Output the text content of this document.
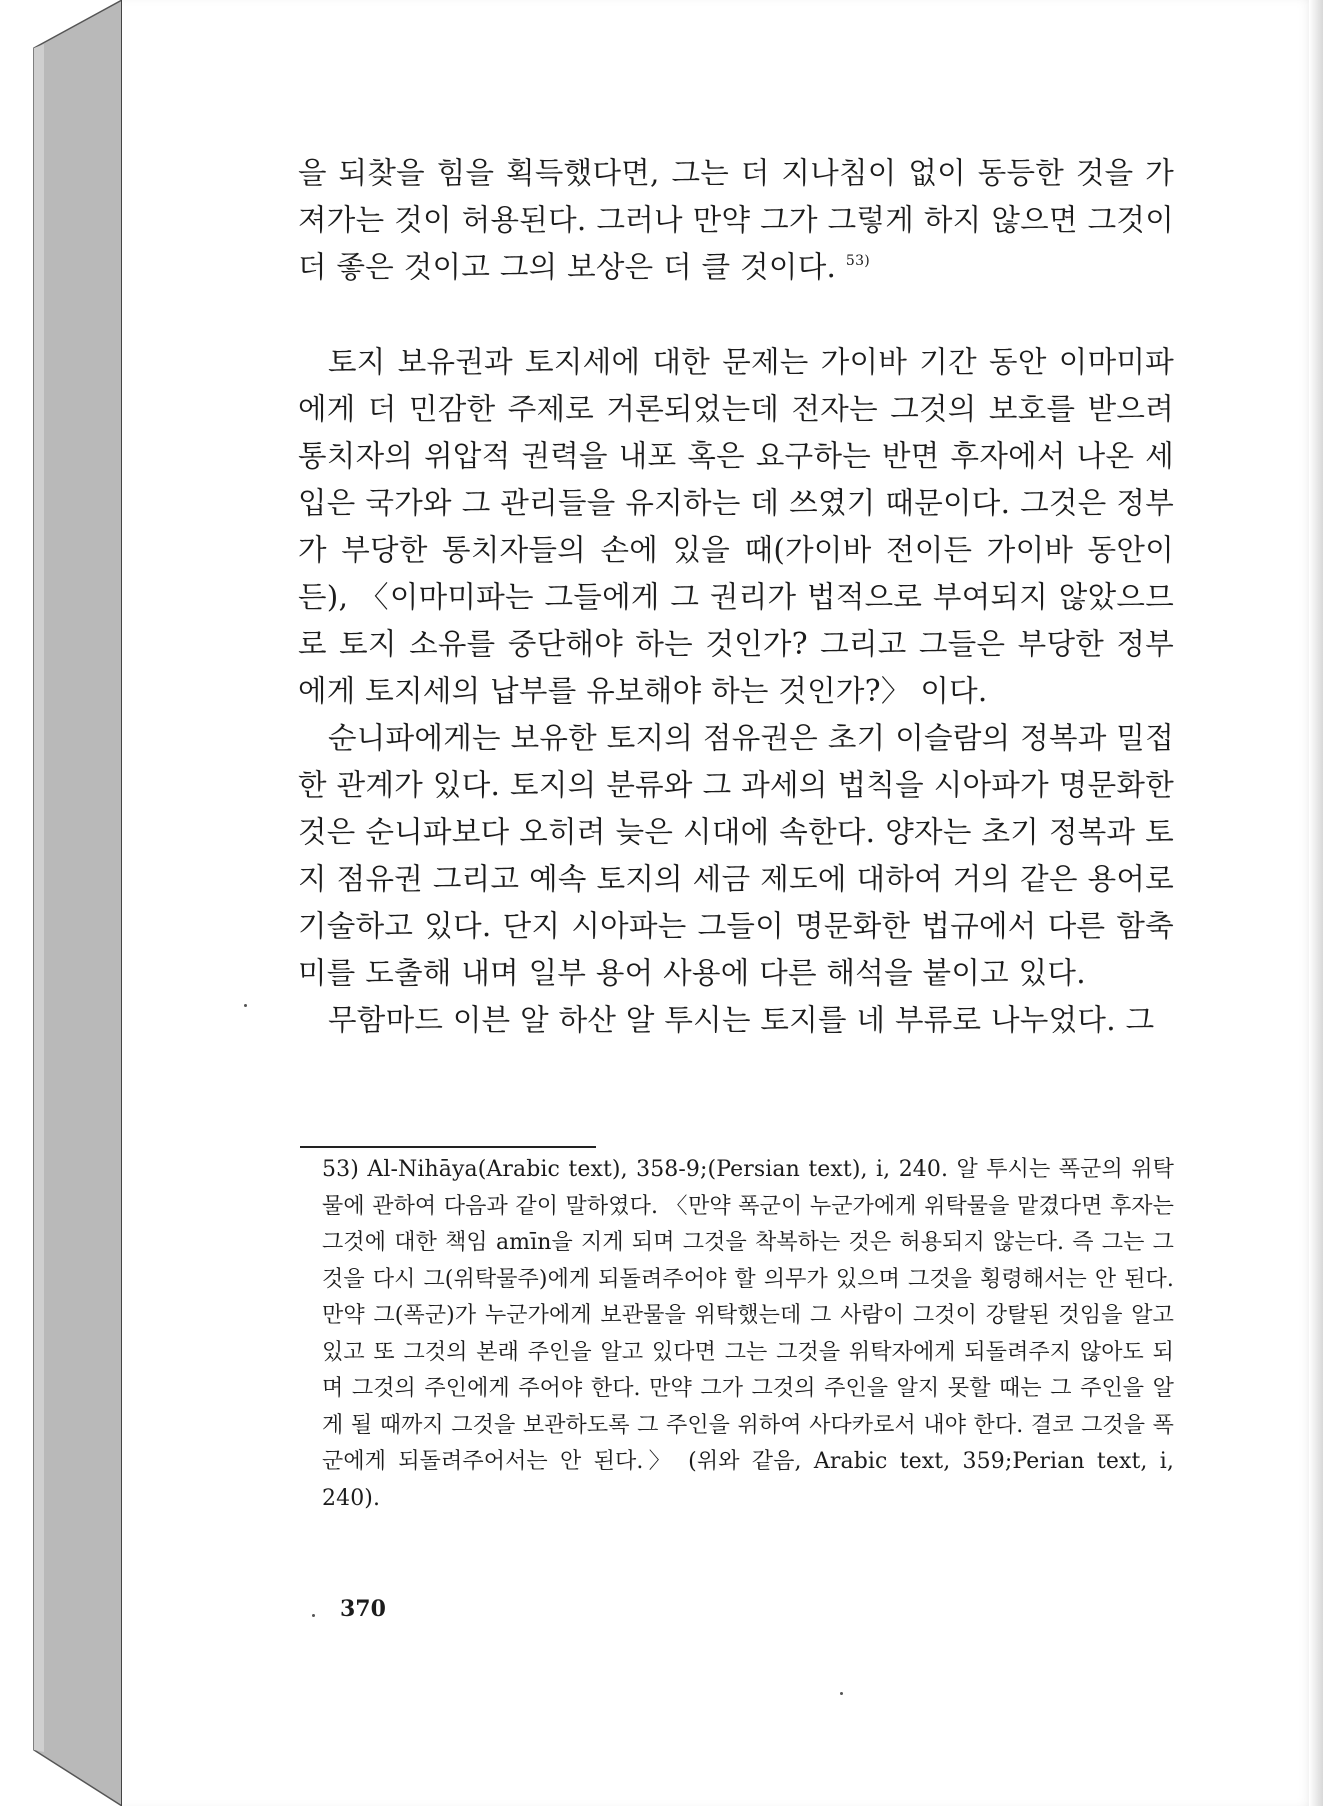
을 되찾을 힘을 획득했다면, 그는 더 지나침이 없이 동등한 것을 가져가는 것이 허용된다. 그러나 만약 그가 그렇게 하지 않으면 그것이 더 좋은 것이고 그의 보상은 더 클 것이다. $^{53)}$

토지 보유권과 토지세에 대한 문제는 가이바 기간 동안 이마미파에게 더 민감한 주제로 거론되었는데 전자는 그것의 보호를 받으려 통치자의 위압적 권력을 내포 혹은 요구하는 반면 후자에서 나온 세입은 국가와 그 관리들을 유지하는 데 쓰였기 때문이다. 그것은 정부가 부당한 통치자들의 손에 있을 때(가이바 전이든 가이바 동안이든), 〈이마미파는 그들에게 그 권리가 법적으로 부여되지 않았으므로 토지 소유를 중단해야 하는 것인가? 그리고 그들은 부당한 정부에게 토지세의 납부를 유보해야 하는 것인가?〉 이다.

순니파에게는 보유한 토지의 점유권은 초기 이슬람의 정복과 밀접한 관계가 있다. 토지의 분류와 그 과세의 법칙을 시아파가 명문화한 것은 순니파보다 오히려 늦은 시대에 속한다. 양자는 초기 정복과 토지 점유권 그리고 예속 토지의 세금 제도에 대하여 거의 같은 용어로 기술하고 있다. 단지 시아파는 그들이 명문화한 법규에서 다른 함축미를 도출해 내며 일부 용어 사용에 다른 해석을 붙이고 있다.

무함마드 이븐 알 하산 알 투시는 토지를 네 부류로 나누었다. 그

53) Al-Nihāya(Arabic text), 358-9;(Persian text), i, 240. 알 투시는 폭군의 위탁물에 관하여 다음과 같이 말하였다. 〈만약 폭군이 누군가에게 위탁물을 맡겼다면 후자는 그것에 대한 책임 amīn을 지게 되며 그것을 착복하는 것은 허용되지 않는다. 즉 그는 그것을 다시 그(위탁물주)에게 되돌려주어야 할 의무가 있으며 그것을 횡령해서는 안 된다. 만약 그(폭군)가 누군가에게 보관물을 위탁했는데 그 사람이 그것이 강탈된 것임을 알고 있고 또 그것의 본래 주인을 알고 있다면 그는 그것을 위탁자에게 되돌려주지 않아도 되며 그것의 주인에게 주어야 한다. 만약 그가 그것의 주인을 알지 못할 때는 그 주인을 알게 될 때까지 그것을 보관하도록 그 주인을 위하여 사다카로서 내야 한다. 결코 그것을 폭군에게 되돌려주어서는 안 된다.〉 (위와 같음, Arabic text, 359;Perian text, i, 240).
370
